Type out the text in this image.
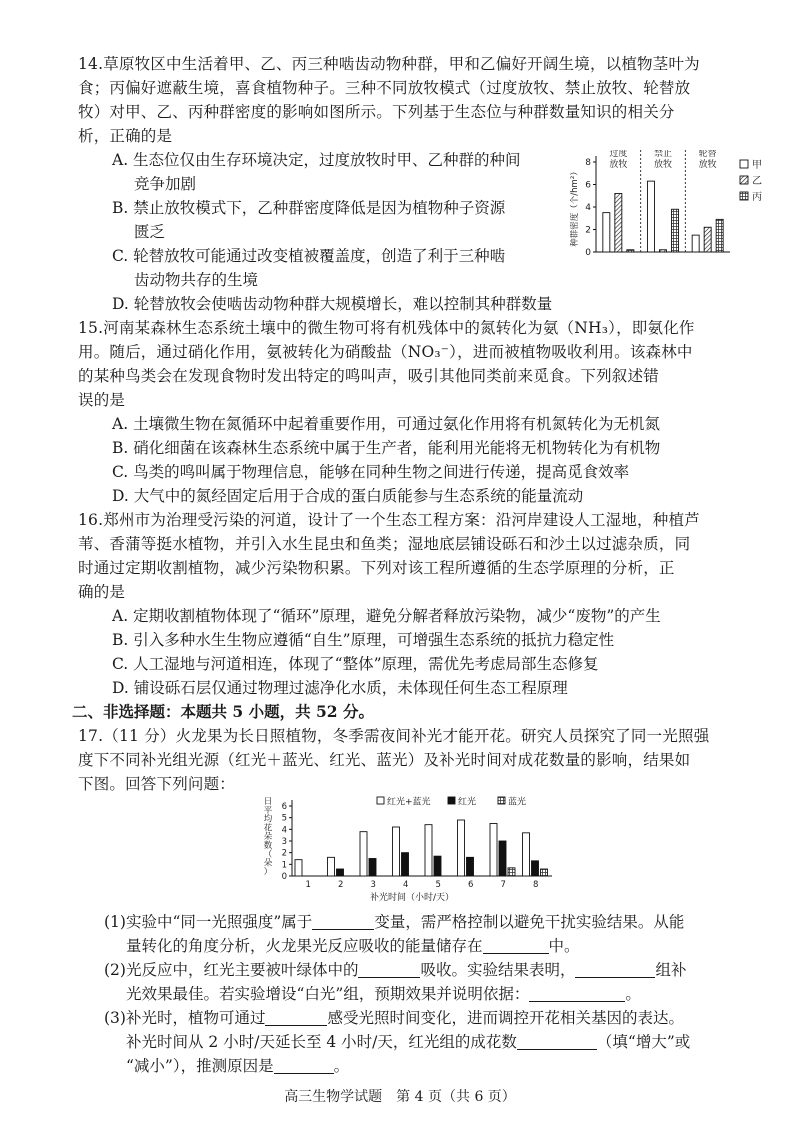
14.草原牧区中生活着甲、乙、丙三种啮齿动物种群，甲和乙偏好开阔生境，以植物茎叶为
食；丙偏好遮蔽生境，喜食植物种子。三种不同放牧模式（过度放牧、禁止放牧、轮替放
牧）对甲、乙、丙种群密度的影响如图所示。下列基于生态位与种群数量知识的相关分
析，正确的是
A. 生态位仅由生存环境决定，过度放牧时甲、乙种群的种间
竞争加剧
B. 禁止放牧模式下，乙种群密度降低是因为植物种子资源
匮乏
C. 轮替放牧可能通过改变植被覆盖度，创造了利于三种啮
齿动物共存的生境
D. 轮替放牧会使啮齿动物种群大规模增长，难以控制其种群数量
种群密度（个/hm²）
0
2
4
6
8
过度
放牧
禁止
放牧
轮替
放牧	甲
乙
丙
15.河南某森林生态系统土壤中的微生物可将有机残体中的氮转化为氨（NH₃），即氨化作
用。随后，通过硝化作用，氨被转化为硝酸盐（NO₃⁻），进而被植物吸收利用。该森林中
的某种鸟类会在发现食物时发出特定的鸣叫声，吸引其他同类前来觅食。下列叙述错
误的是
A. 土壤微生物在氮循环中起着重要作用，可通过氨化作用将有机氮转化为无机氮
B. 硝化细菌在该森林生态系统中属于生产者，能利用光能将无机物转化为有机物
C. 鸟类的鸣叫属于物理信息，能够在同种生物之间进行传递，提高觅食效率
D. 大气中的氮经固定后用于合成的蛋白质能参与生态系统的能量流动
16.郑州市为治理受污染的河道，设计了一个生态工程方案：沿河岸建设人工湿地，种植芦
苇、香蒲等挺水植物，并引入水生昆虫和鱼类；湿地底层铺设砾石和沙土以过滤杂质，同
时通过定期收割植物，减少污染物积累。下列对该工程所遵循的生态学原理的分析，正
确的是
A. 定期收割植物体现了“循环”原理，避免分解者释放污染物，减少“废物”的产生
B. 引入多种水生生物应遵循“自生”原理，可增强生态系统的抵抗力稳定性
C. 人工湿地与河道相连，体现了“整体”原理，需优先考虑局部生态修复
D. 铺设砾石层仅通过物理过滤净化水质，未体现任何生态工程原理
二、非选择题：本题共 5 小题，共 52 分。
17.（11 分）火龙果为长日照植物，冬季需夜间补光才能开花。研究人员探究了同一光照强
度下不同补光组光源（红光＋蓝光、红光、蓝光）及补光时间对成花数量的影响，结果如
下图。回答下列问题：
日平均花朵数（朵） 0
1
2
3
4
5
6
1	2	3	4	5	6	7	8
补光时间（小时/天）
红光+蓝光	红光	蓝光
(1)实验中“同一光照强度”属于	变量，需严格控制以避免干扰实验结果。从能
量转化的角度分析，火龙果光反应吸收的能量储存在	中。
(2)光反应中，红光主要被叶绿体中的	吸收。实验结果表明，	组补
光效果最佳。若实验增设“白光”组，预期效果并说明依据：	。
(3)补光时，植物可通过	感受光照时间变化，进而调控开花相关基因的表达。
补光时间从 2 小时/天延长至 4 小时/天，红光组的成花数	（填“增大”或
“减小”），推测原因是	。
高三生物学试题　第 4 页（共 6 页）
